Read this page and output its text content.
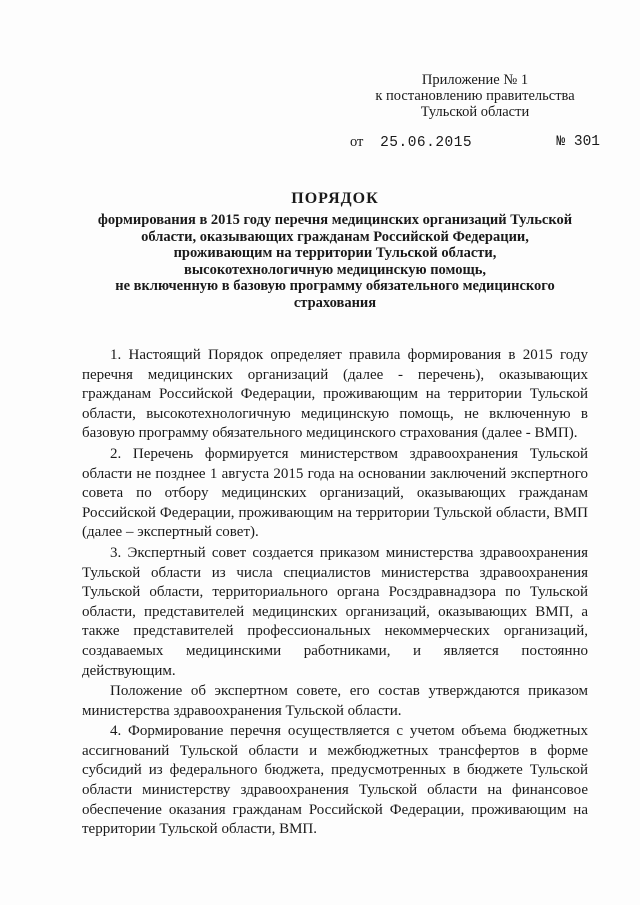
Приложение № 1
к постановлению правительства
Тульской области
от 25.06.2015	№ 301
ПОРЯДОК
формирования в 2015 году перечня медицинских организаций Тульской
области, оказывающих гражданам Российской Федерации,
проживающим на территории Тульской области,
высокотехнологичную медицинскую помощь,
не включенную в базовую программу обязательного медицинского
страхования

1. Настоящий Порядок определяет правила формирования в 2015 году перечня медицинских организаций (далее - перечень), оказывающих гражданам Российской Федерации, проживающим на территории Тульской области, высокотехнологичную медицинскую помощь, не включенную в базовую программу обязательного медицинского страхования (далее - ВМП).

2. Перечень формируется министерством здравоохранения Тульской области не позднее 1 августа 2015 года на основании заключений экспертного совета по отбору медицинских организаций, оказывающих гражданам Российской Федерации, проживающим на территории Тульской области, ВМП (далее – экспертный совет).

3. Экспертный совет создается приказом министерства здравоохранения Тульской области из числа специалистов министерства здравоохранения Тульской области, территориального органа Росздравнадзора по Тульской области, представителей медицинских организаций, оказывающих ВМП, а также представителей профессиональных некоммерческих организаций, создаваемых медицинскими работниками, и является постоянно действующим.

Положение об экспертном совете, его состав утверждаются приказом министерства здравоохранения Тульской области.

4. Формирование перечня осуществляется с учетом объема бюджетных ассигнований Тульской области и межбюджетных трансфертов в форме субсидий из федерального бюджета, предусмотренных в бюджете Тульской области министерству здравоохранения Тульской области на финансовое обеспечение оказания гражданам Российской Федерации, проживающим на территории Тульской области, ВМП.
